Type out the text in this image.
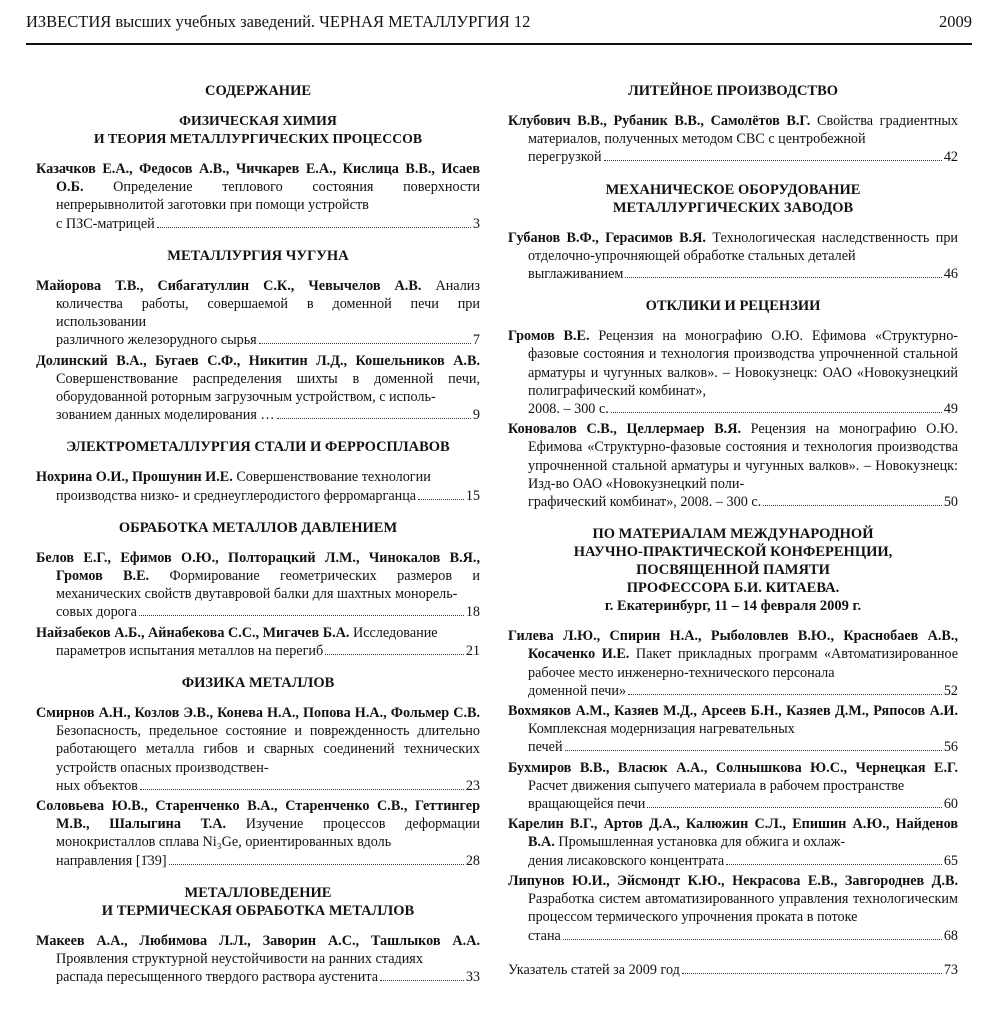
ИЗВЕСТИЯ высших учебных заведений. ЧЕРНАЯ МЕТАЛЛУРГИЯ 12	2009
СОДЕРЖАНИЕ
ФИЗИЧЕСКАЯ ХИМИЯ
И ТЕОРИЯ МЕТАЛЛУРГИЧЕСКИХ ПРОЦЕССОВ
Казачков Е.А., Федосов А.В., Чичкарев Е.А., Кислица В.В., Исаев О.Б. Определение теплового состояния поверхности непрерывнолитой заготовки при помощи устройств
с ПЗС-матрицей	3
МЕТАЛЛУРГИЯ ЧУГУНА
Майорова Т.В., Сибагатуллин С.К., Чевычелов А.В. Анализ количества работы, совершаемой в доменной печи при использовании
различного железорудного сырья	7
Долинский В.А., Бугаев С.Ф., Никитин Л.Д., Кошельников А.В. Совершенствование распределения шихты в доменной печи, оборудованной роторным загрузочным устройством, с исполь-
зованием данных моделирования …	9
ЭЛЕКТРОМЕТАЛЛУРГИЯ СТАЛИ И ФЕРРОСПЛАВОВ
Нохрина О.И., Прошунин И.Е. Совершенствование технологии
производства низко- и среднеуглеродистого ферромарганца	15
ОБРАБОТКА МЕТАЛЛОВ ДАВЛЕНИЕМ
Белов Е.Г., Ефимов О.Ю., Полторацкий Л.М., Чинокалов В.Я., Громов В.Е. Формирование геометрических размеров и механических свойств двутавровой балки для шахтных монорель-
совых дорога	18
Найзабеков А.Б., Айнабекова С.С., Мигачев Б.А. Исследование
параметров испытания металлов на перегиб	21
ФИЗИКА МЕТАЛЛОВ
Смирнов А.Н., Козлов Э.В., Конева Н.А., Попова Н.А., Фольмер С.В. Безопасность, предельное состояние и поврежденность длительно работающего металла гибов и сварных соединений технических устройств опасных производствен-
ных объектов	23
Соловьева Ю.В., Старенченко В.А., Старенченко С.В., Геттингер М.В., Шалыгина Т.А. Изучение процессов деформации монокристаллов сплава Ni₃Ge, ориентированных вдоль
направления [1̄39]	28
МЕТАЛЛОВЕДЕНИЕ
И ТЕРМИЧЕСКАЯ ОБРАБОТКА МЕТАЛЛОВ
Макеев А.А., Любимова Л.Л., Заворин А.С., Ташлыков А.А. Проявления структурной неустойчивости на ранних стадиях
распада пересыщенного твердого раствора аустенита	33
ЛИТЕЙНОЕ ПРОИЗВОДСТВО
Клубович В.В., Рубаник В.В., Самолётов В.Г. Свойства градиентных материалов, полученных методом СВС с центробежной
перегрузкой	42
МЕХАНИЧЕСКОЕ ОБОРУДОВАНИЕ
МЕТАЛЛУРГИЧЕСКИХ ЗАВОДОВ
Губанов В.Ф., Герасимов В.Я. Технологическая наследственность при отделочно-упрочняющей обработке стальных деталей
выглаживанием	46
ОТКЛИКИ И РЕЦЕНЗИИ
Громов В.Е. Рецензия на монографию О.Ю. Ефимова «Структурно-фазовые состояния и технология производства упрочненной стальной арматуры и чугунных валков». – Новокузнецк: ОАО «Новокузнецкий полиграфический комбинат»,
2008. – 300 с.	49
Коновалов С.В., Целлермаер В.Я. Рецензия на монографию О.Ю. Ефимова «Структурно-фазовые состояния и технология производства упрочненной стальной арматуры и чугунных валков». – Новокузнецк: Изд-во ОАО «Новокузнецкий поли-
графический комбинат», 2008. – 300 с.	50
ПО МАТЕРИАЛАМ МЕЖДУНАРОДНОЙ
НАУЧНО-ПРАКТИЧЕСКОЙ КОНФЕРЕНЦИИ,
ПОСВЯЩЕННОЙ ПАМЯТИ
ПРОФЕССОРА Б.И. КИТАЕВА.
г. Екатеринбург, 11 – 14 февраля 2009 г.
Гилева Л.Ю., Спирин Н.А., Рыболовлев В.Ю., Краснобаев А.В., Косаченко И.Е. Пакет прикладных программ «Автоматизированное рабочее место инженерно-технического персонала
доменной печи»	52
Вохмяков А.М., Казяев М.Д., Арсеев Б.Н., Казяев Д.М., Ряпосов А.И. Комплексная модернизация нагревательных
печей	56
Бухмиров В.В., Власюк А.А., Солнышкова Ю.С., Чернецкая Е.Г. Расчет движения сыпучего материала в рабочем пространстве
вращающейся печи	60
Карелин В.Г., Артов Д.А., Калюжин С.Л., Епишин А.Ю., Найденов В.А. Промышленная установка для обжига и охлаж-
дения лисаковского концентрата	65
Липунов Ю.И., Эйсмондт К.Ю., Некрасова Е.В., Завгороднев Д.В. Разработка систем автоматизированного управления технологическим процессом термического упрочнения проката в потоке
стана	68
Указатель статей за 2009 год	73
